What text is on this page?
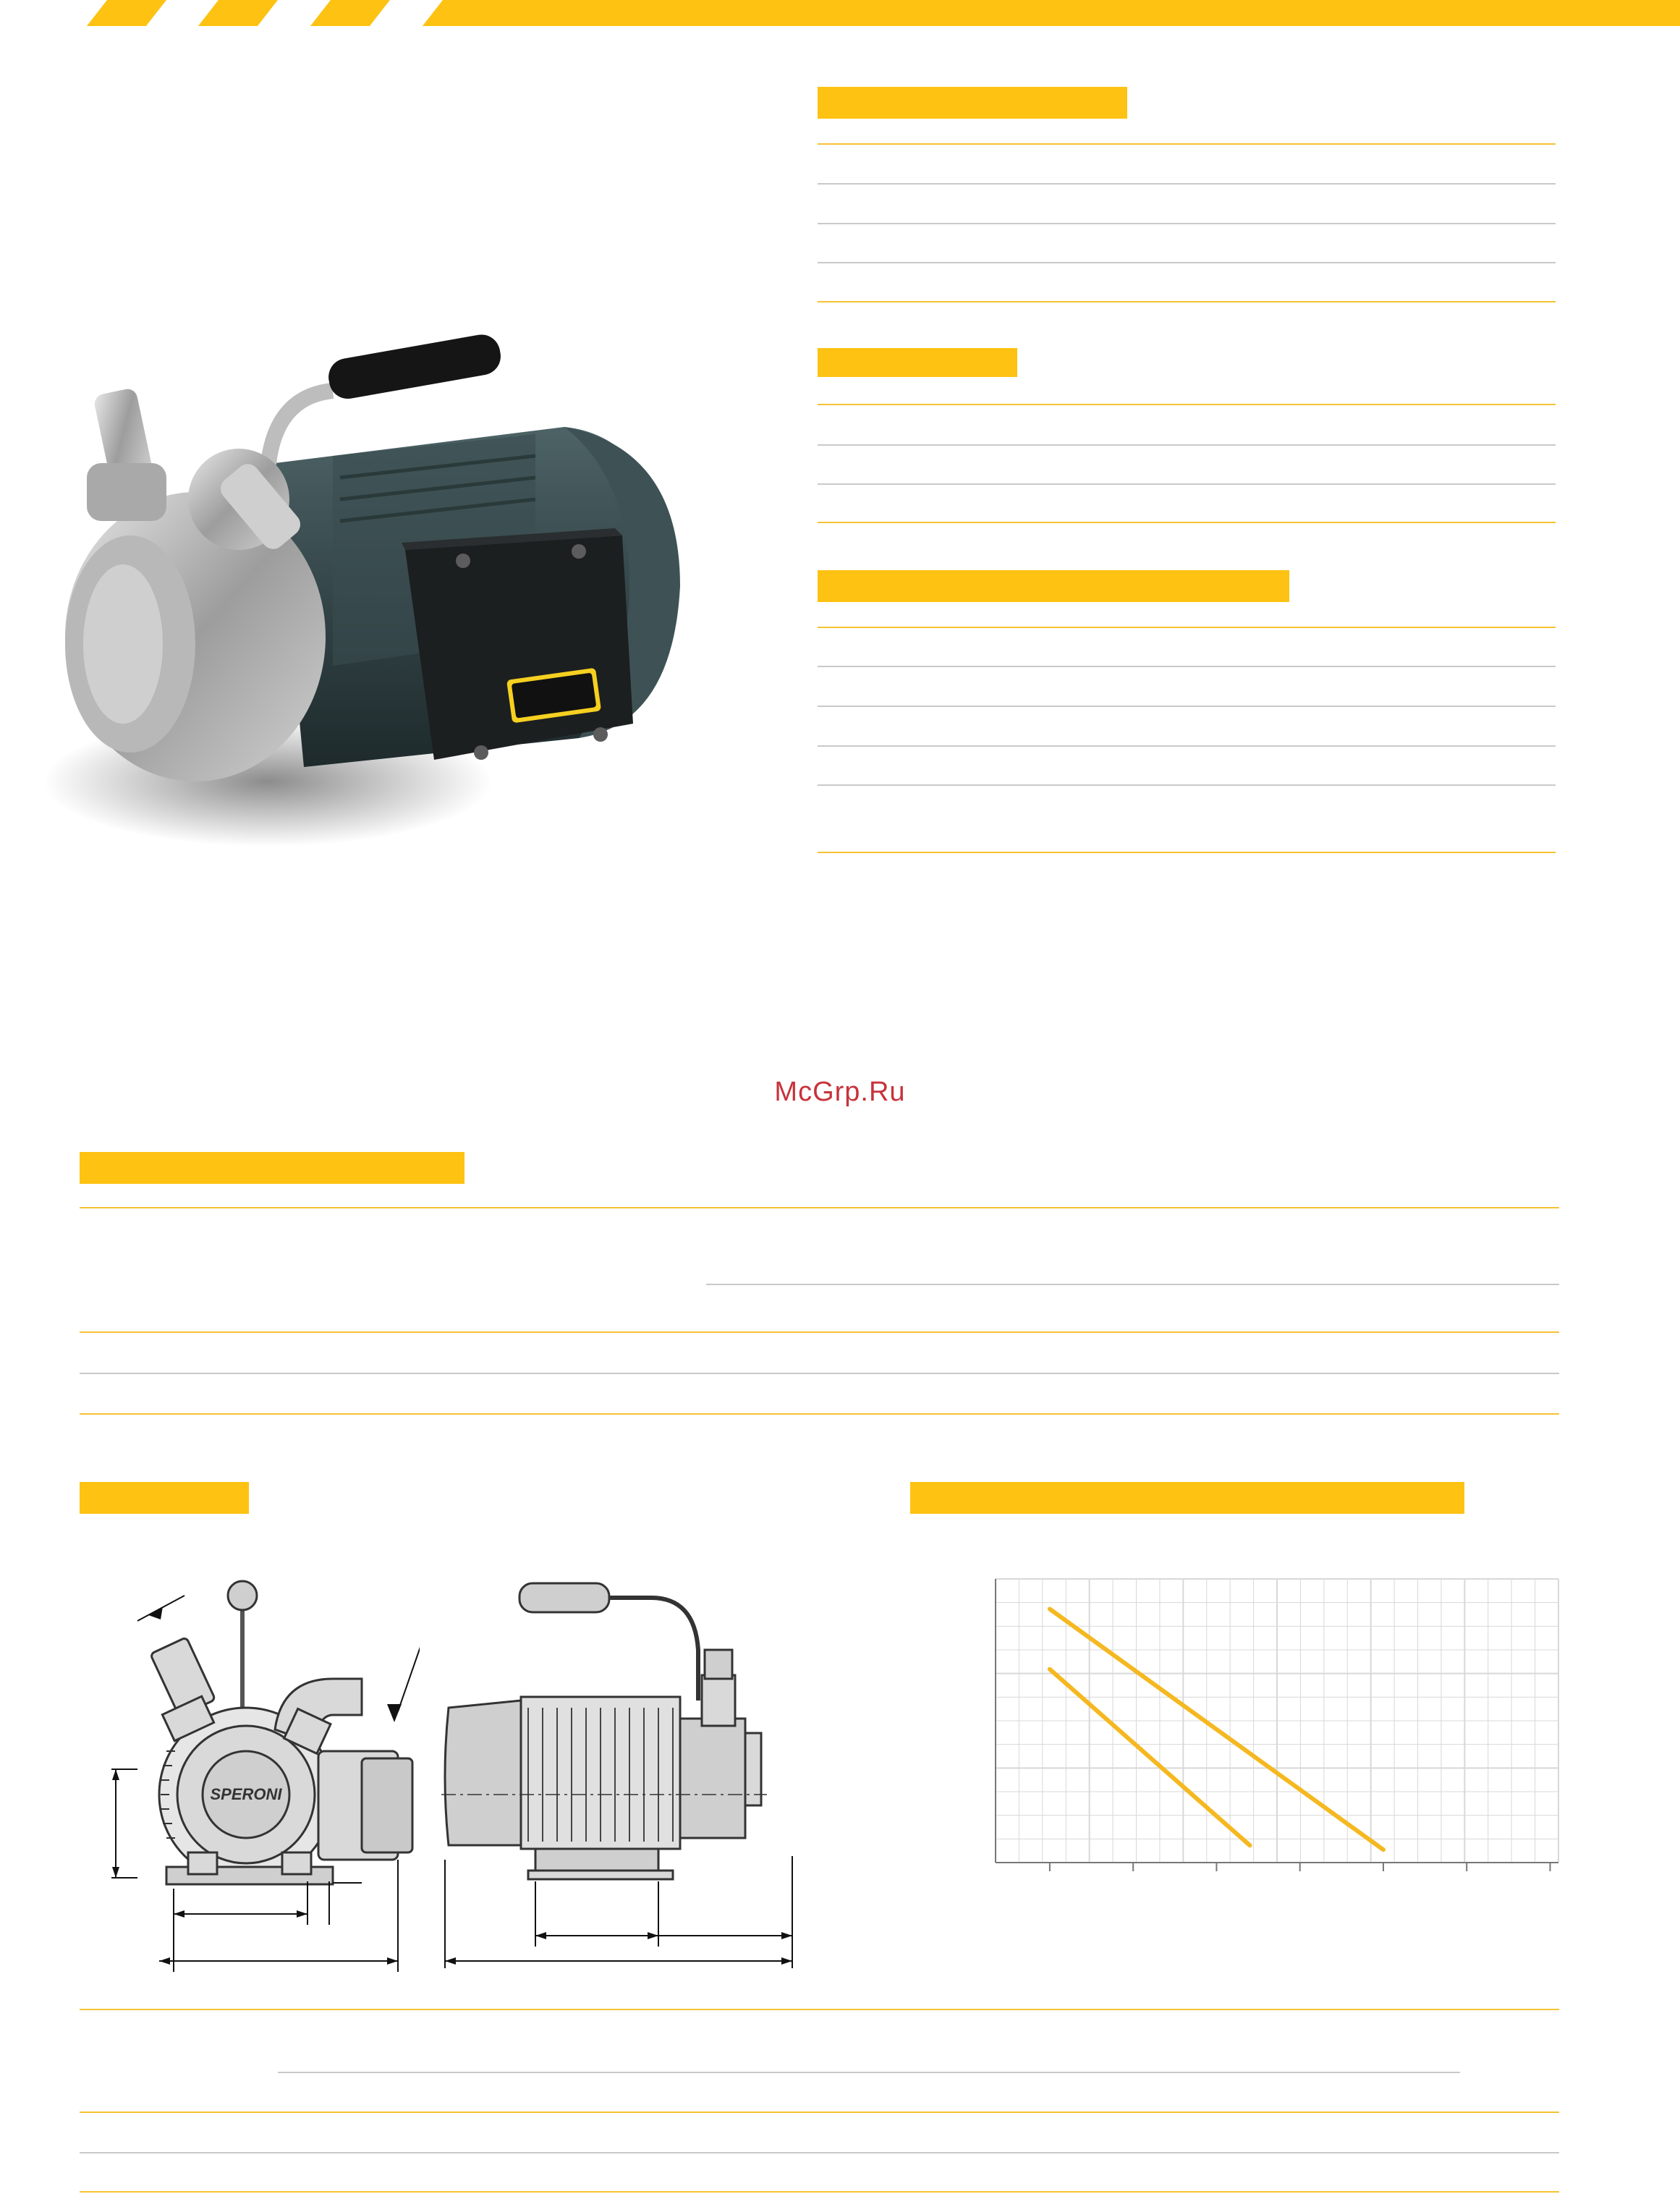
McGrp.Ru
SPERONI
